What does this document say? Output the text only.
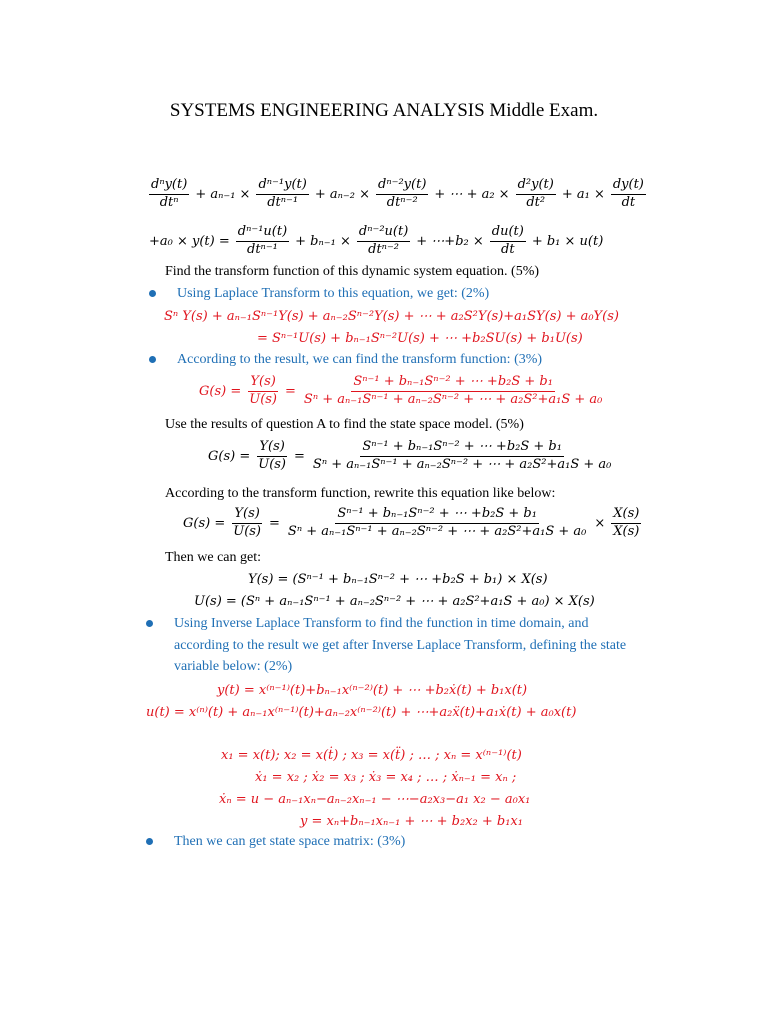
SYSTEMS ENGINEERING ANALYSIS Middle Exam.
$\frac{\text{dⁿy(t)}}{\text{dtⁿ}} + a_{n-1} \times \frac{\text{dⁿ⁻¹y(t)}}{\text{dtⁿ⁻¹}} + a_{n-2} \times \frac{\text{dⁿ⁻²y(t)}}{\text{dtⁿ⁻²}}$ + ⋯ + $a_2 \times \frac{\text{d²y(t)}}{\text{dt²}} + a_1 \times \frac{dy(t)}{dt}$
$+a_0 \times y(t) = \frac{\text{dⁿ⁻¹u(t)}}{\text{dtⁿ⁻¹}} + b_{n-1} \times \frac{\text{dⁿ⁻²u(t)}}{\text{dtⁿ⁻²}}$ + ⋯+b₂ × $\frac{du(t)}{dt} + b_1 \times u(t)$
Find the transform function of this dynamic system equation. (5%)
Using Laplace Transform to this equation, we get: (2%)
Sⁿ Y(s) + aₙ₋₁Sⁿ⁻¹Y(s) + aₙ₋₂Sⁿ⁻²Y(s) + ⋯ + a₂S²Y(s)+a₁SY(s) + a₀Y(s)
= Sⁿ⁻¹U(s) + bₙ₋₁Sⁿ⁻²U(s) + ⋯ +b₂SU(s) + b₁U(s)
According to the result, we can find the transform function: (3%)
$G(s) = \frac{Y(s)}{U(s)} = \frac{\text{Sⁿ⁻¹ + bₙ₋₁Sⁿ⁻² + ⋯ +b₂S + b₁}}{\text{Sⁿ + aₙ₋₁Sⁿ⁻¹ + aₙ₋₂Sⁿ⁻² + ⋯ + a₂S²+a₁S + a₀}}$
Use the results of question A to find the state space model. (5%)
$G(s) = \frac{Y(s)}{U(s)} = \frac{\text{Sⁿ⁻¹ + bₙ₋₁Sⁿ⁻² + ⋯ +b₂S + b₁}}{\text{Sⁿ + aₙ₋₁Sⁿ⁻¹ + aₙ₋₂Sⁿ⁻² + ⋯ + a₂S²+a₁S + a₀}}$
According to the transform function, rewrite this equation like below:
$G(s) = \frac{Y(s)}{U(s)} = \frac{\text{Sⁿ⁻¹ + bₙ₋₁Sⁿ⁻² + ⋯ +b₂S + b₁}}{\text{Sⁿ + aₙ₋₁Sⁿ⁻¹ + aₙ₋₂Sⁿ⁻² + ⋯ + a₂S²+a₁S + a₀}} \times \frac{X(s)}{X(s)}$
Then we can get:
Y(s) = (Sⁿ⁻¹ + bₙ₋₁Sⁿ⁻² + ⋯ +b₂S + b₁) × X(s)
U(s) = (Sⁿ + aₙ₋₁Sⁿ⁻¹ + aₙ₋₂Sⁿ⁻² + ⋯ + a₂S²+a₁S + a₀) × X(s)
Using Inverse Laplace Transform to find the function in time domain, and
according to the result we get after Inverse Laplace Transform, defining the state
variable below: (2%)
y(t) = x⁽ⁿ⁻¹⁾(t)+bₙ₋₁x⁽ⁿ⁻²⁾(t) + ⋯ +b₂ẋ(t) + b₁x(t)
u(t) = x⁽ⁿ⁾(t) + aₙ₋₁x⁽ⁿ⁻¹⁾(t)+aₙ₋₂x⁽ⁿ⁻²⁾(t) + ⋯+a₂ẍ(t)+a₁ẋ(t) + a₀x(t)
x₁ = x(t); x₂ = x(ṫ) ; x₃ = x(ẗ) ; … ; xₙ = x⁽ⁿ⁻¹⁾(t)
ẋ₁ = x₂ ; ẋ₂ = x₃ ; ẋ₃ = x₄ ; … ; ẋₙ₋₁ = xₙ ;
ẋₙ = u − aₙ₋₁xₙ−aₙ₋₂xₙ₋₁ − ⋯−a₂x₃−a₁ x₂ − a₀x₁
y = xₙ+bₙ₋₁xₙ₋₁ + ⋯ + b₂x₂ + b₁x₁
Then we can get state space matrix: (3%)
